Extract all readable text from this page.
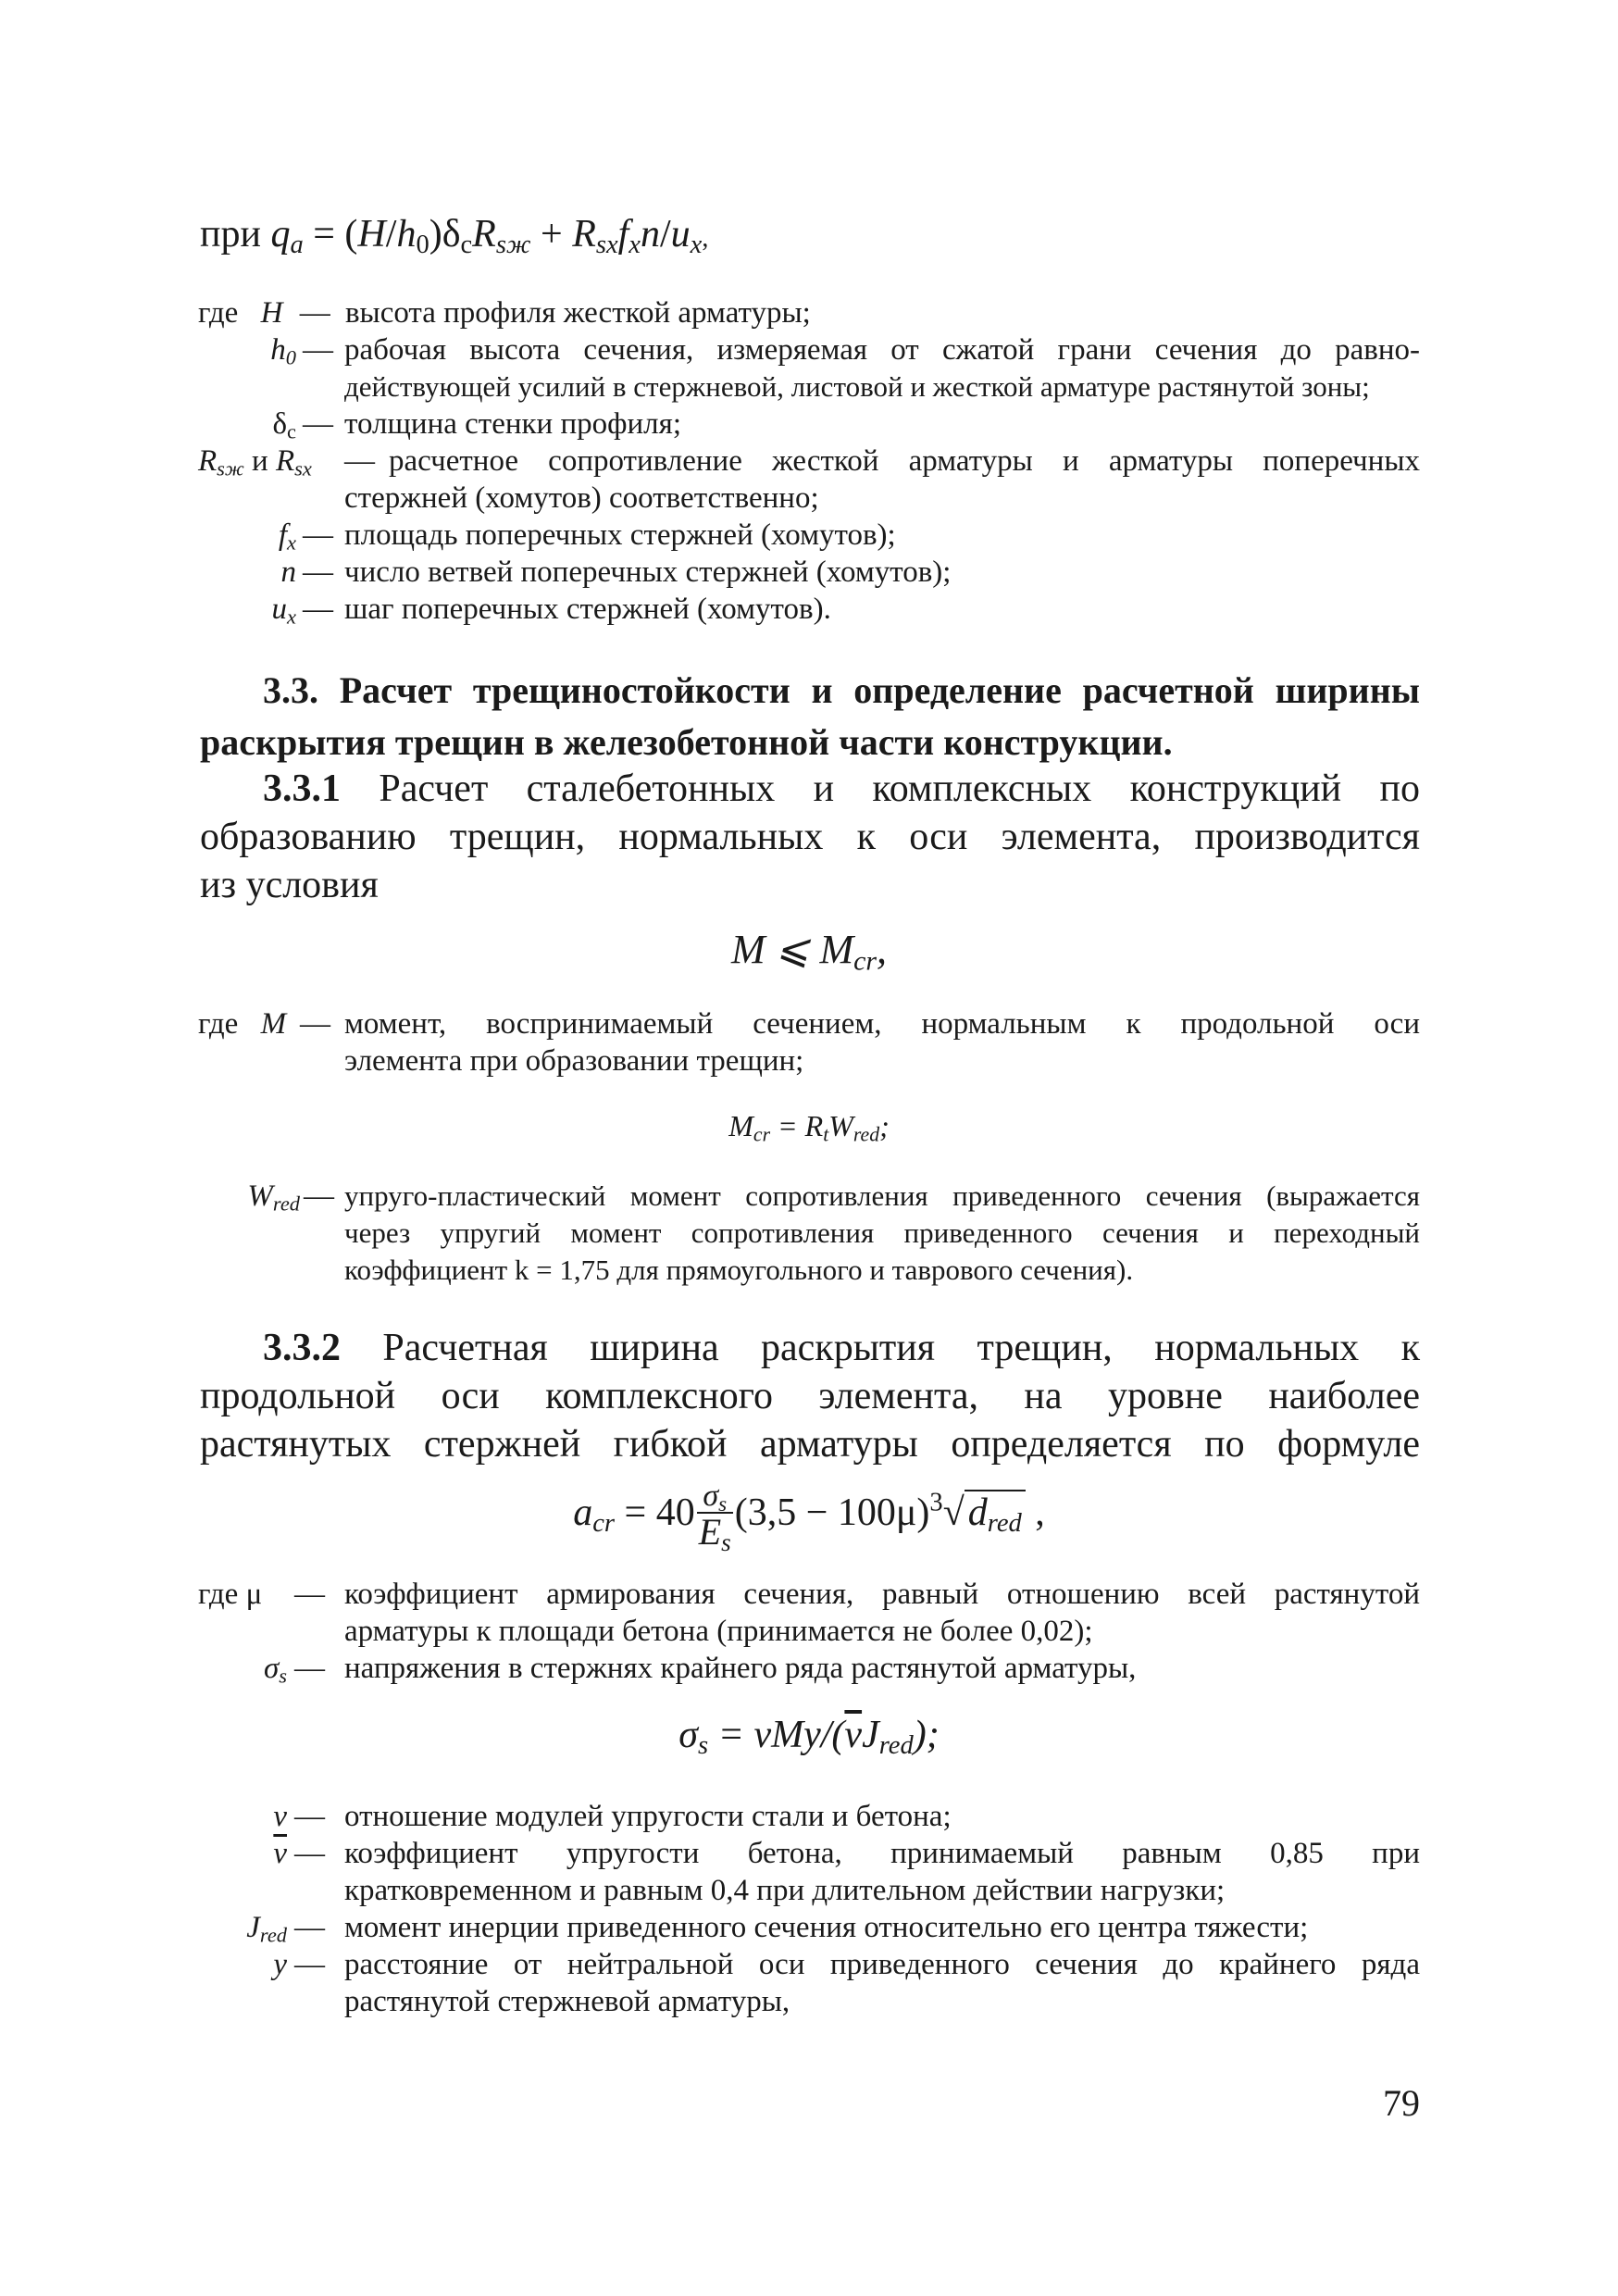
при $q_a = (H/h_0)\delta_cR_{sж} + R_{sx}f_xn/u_x$,
где H — высота профиля жесткой арматуры;
$h_0$ — рабочая высота сечения, измеряемая от сжатой грани сечения до равно-
действующей усилий в стержневой, листовой и жесткой арматуре растянутой зоны;
$\delta_c$ — толщина стенки профиля;
$R_{sж}$ и $R_{sx}$	— расчетное сопротивление жесткой арматуры и арматуры поперечных
стержней (хомутов) соответственно;
$f_x$ — площадь поперечных стержней (хомутов);
n — число ветвей поперечных стержней (хомутов);
$u_x$ — шаг поперечных стержней (хомутов).
3.3. Расчет трещиностойкости и определение расчетной ширины
раскрытия трещин в железобетонной части конструкции.
3.3.1 Расчет сталебетонных и комплексных конструкций по
образованию трещин, нормальных к оси элемента, производится
из условия
M ⩽ $M_{cr}$,
где M — момент, воспринимаемый сечением, нормальным к продольной оси
элемента при образовании трещин;
$M_{cr} = R_tW_{red}$;
$W_{red}$ — упруго-пластический момент сопротивления приведенного сечения (выражается
через упругий момент сопротивления приведенного сечения и переходный
коэффициент k = 1,75 для прямоугольного и таврового сечения).
3.3.2 Расчетная ширина раскрытия трещин, нормальных к
продольной оси комплексного элемента, на уровне наиболее
растянутых стержней гибкой арматуры определяется по формуле
$a_{cr} = 40 \frac{\sigma_s}{E_s} (3,5 - 100\mu)^3√d_{red}$ ,
где μ	— коэффициент армирования сечения, равный отношению всей растянутой
арматуры к площади бетона (принимается не более 0,02);
$\sigma_s$ — напряжения в стержнях крайнего ряда растянутой арматуры,
$\sigma_s = vMy/(\overline{v}J_{red})$;
v — отношение модулей упругости стали и бетона;
$\overline{v}$ — коэффициент упругости бетона, принимаемый равным 0,85 при
кратковременном и равным 0,4 при длительном действии нагрузки;
$J_{red}$ — момент инерции приведенного сечения относительно его центра тяжести;
y — расстояние от нейтральной оси приведенного сечения до крайнего ряда
растянутой стержневой арматуры,
79
